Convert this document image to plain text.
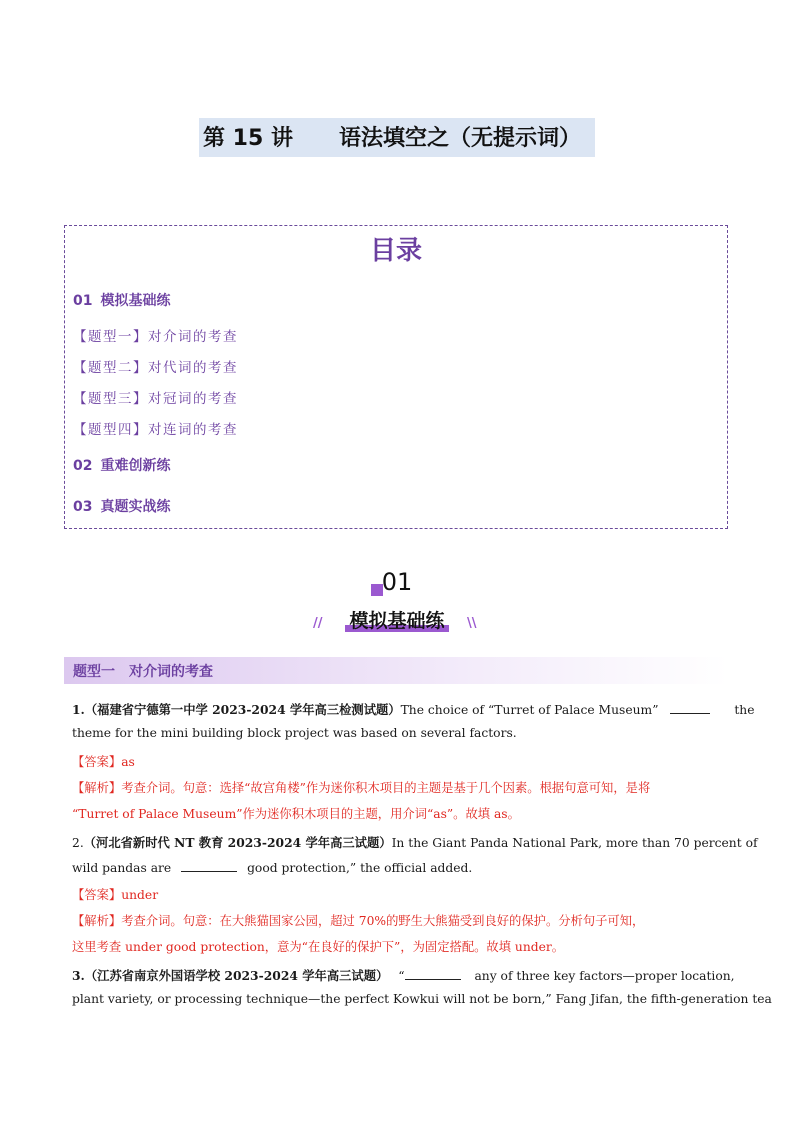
第 15 讲 语法填空之（无提示词）
目录
01 模拟基础练
【题型一】对介词的考查
【题型二】对代词的考查
【题型三】对冠词的考查
【题型四】对连词的考查
02 重难创新练
03 真题实战练
01
//	模拟基础练	\\
题型一　对介词的考查
1.（福建省宁德第一中学 2023-2024 学年高三检测试题）The choice of “Turret of Palace Museum”	the
theme for the mini building block project was based on several factors.
【答案】as
【解析】考查介词。句意：选择“故宫角楼”作为迷你积木项目的主题是基于几个因素。根据句意可知，是将
“Turret of Palace Museum”作为迷你积木项目的主题，用介词“as”。故填 as。
2.（河北省新时代 NT 教育 2023-2024 学年高三试题）In the Giant Panda National Park, more than 70 percent of
wild pandas are	good protection,” the official added.
【答案】under
【解析】考查介词。句意：在大熊猫国家公园，超过 70%的野生大熊猫受到良好的保护。分析句子可知，
这里考查 under good protection，意为“在良好的保护下”，为固定搭配。故填 under。
3.（江苏省南京外国语学校 2023-2024 学年高三试题） “	any of three key factors—proper location,
plant variety, or processing technique—the perfect Kowkui will not be born,” Fang Jifan, the fifth-generation tea
